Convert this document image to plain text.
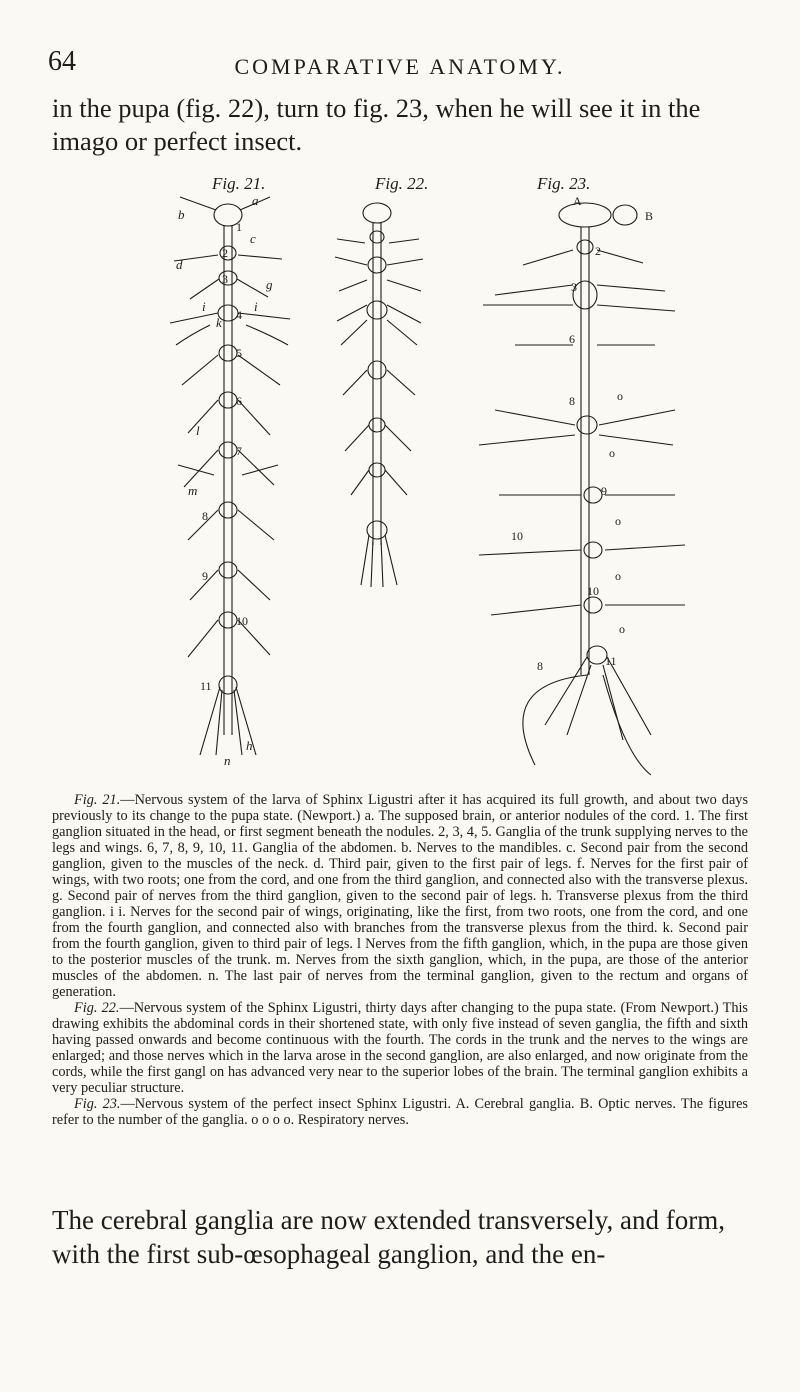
64	COMPARATIVE ANATOMY.

in the pupa (fig. 22), turn to fig. 23, when he will see it in the imago or perfect insect.

Fig. 21.	Fig. 22.	Fig. 23.
a
b
c
d
g
i	i
k
l
m
n
h
1
2
3
4
5
6
7
8
9
10
11
A
B
2
3
6
8
9
10
10
11
8
o
o
o
o
o

Fig. 21.—Nervous system of the larva of Sphinx Ligustri after it has acquired its full growth, and about two days previously to its change to the pupa state. (Newport.) a. The supposed brain, or anterior nodules of the cord. 1. The first ganglion situated in the head, or first segment beneath the nodules. 2, 3, 4, 5. Ganglia of the trunk supplying nerves to the legs and wings. 6, 7, 8, 9, 10, 11. Ganglia of the abdomen. b. Nerves to the mandibles. c. Second pair from the second ganglion, given to the muscles of the neck. d. Third pair, given to the first pair of legs. f. Nerves for the first pair of wings, with two roots; one from the cord, and one from the third ganglion, and connected also with the transverse plexus. g. Second pair of nerves from the third ganglion, given to the second pair of legs. h. Transverse plexus from the third ganglion. i i. Nerves for the second pair of wings, originating, like the first, from two roots, one from the cord, and one from the fourth ganglion, and connected also with branches from the transverse plexus from the third. k. Second pair from the fourth ganglion, given to third pair of legs. l Nerves from the fifth ganglion, which, in the pupa are those given to the posterior muscles of the trunk. m. Nerves from the sixth ganglion, which, in the pupa, are those of the anterior muscles of the abdomen. n. The last pair of nerves from the terminal ganglion, given to the rectum and organs of generation.

Fig. 22.—Nervous system of the Sphinx Ligustri, thirty days after changing to the pupa state. (From Newport.) This drawing exhibits the abdominal cords in their shortened state, with only five instead of seven ganglia, the fifth and sixth having passed onwards and become continuous with the fourth. The cords in the trunk and the nerves to the wings are enlarged; and those nerves which in the larva arose in the second ganglion, are also enlarged, and now originate from the cords, while the first gangl on has advanced very near to the superior lobes of the brain. The terminal ganglion exhibits a very peculiar structure.

Fig. 23.—Nervous system of the perfect insect Sphinx Ligustri. A. Cerebral ganglia. B. Optic nerves. The figures refer to the number of the ganglia. o o o o. Respiratory nerves.

The cerebral ganglia are now extended transversely, and form, with the first sub-œsophageal ganglion, and the en-
